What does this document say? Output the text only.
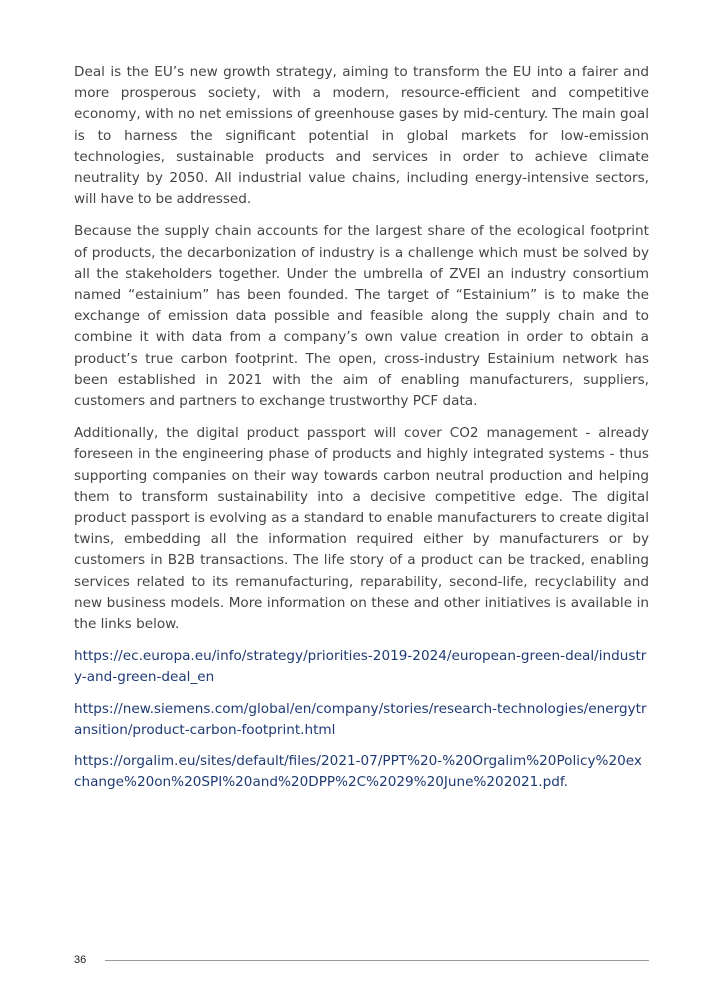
Deal is the EU’s new growth strategy, aiming to transform the EU into a fairer and more prosperous society, with a modern, resource-efficient and competitive economy, with no net emissions of greenhouse gases by mid-century. The main goal is to harness the significant potential in global markets for low-emission technologies, sustainable products and services in order to achieve climate neutrality by 2050. All industrial value chains, including energy-intensive sectors, will have to be addressed.

Because the supply chain accounts for the largest share of the ecological footprint of products, the decarbonization of industry is a challenge which must be solved by all the stakeholders together. Under the umbrella of ZVEI an industry consortium named “estainium” has been founded. The target of “Estainium” is to make the exchange of emission data possible and feasible along the supply chain and to combine it with data from a company’s own value creation in order to obtain a product’s true carbon footprint. The open, cross-industry Estainium network has been established in 2021 with the aim of enabling manufacturers, suppliers, customers and partners to exchange trustworthy PCF data.

Additionally, the digital product passport will cover CO2 management - already foreseen in the engineering phase of products and highly integrated systems - thus supporting companies on their way towards carbon neutral production and helping them to transform sustainability into a decisive competitive edge. The digital product passport is evolving as a standard to enable manufacturers to create digital twins, embedding all the information required either by manufacturers or by customers in B2B transactions. The life story of a product can be tracked, enabling services related to its remanufacturing, reparability, second-life, recyclability and new business models. More information on these and other initiatives is available in the links below.

https://ec.europa.eu/info/strategy/priorities-2019-2024/european-green-deal/industry-and-green-deal_en
https://new.siemens.com/global/en/company/stories/research-technologies/energytransition/product-carbon-footprint.html
https://orgalim.eu/sites/default/files/2021-07/PPT%20-%20Orgalim%20Policy%20exchange%20on%20SPI%20and%20DPP%2C%2029%20June%202021.pdf.
36
